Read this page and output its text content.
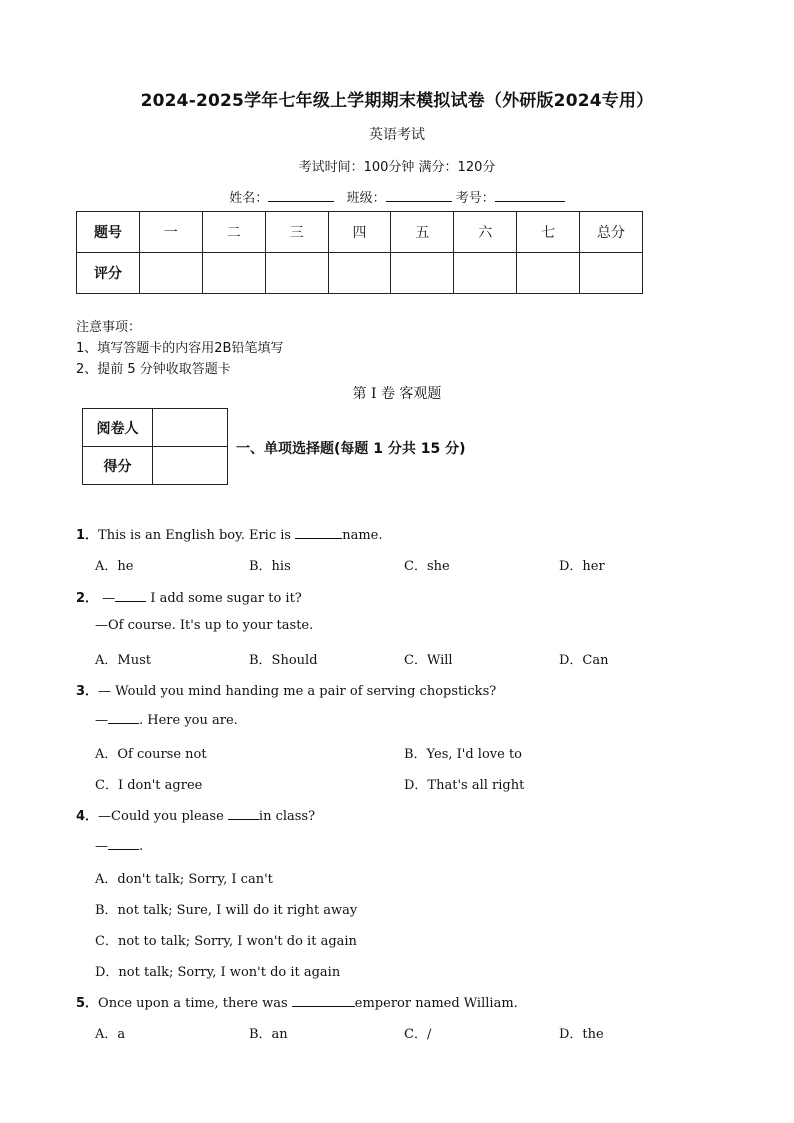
2024-2025学年七年级上学期期末模拟试卷（外研版2024专用）
英语考试
考试时间：100分钟 满分：120分
姓名：	班级：	考号：
题号	一	二	三	四	五	六	七	总分
评分								
注意事项：
1、填写答题卡的内容用2B铅笔填写
2、提前 5 分钟收取答题卡
第 I 卷 客观题
阅卷人	
得分	
一、单项选择题(每题 1 分共 15 分)
1．This is an English boy. Eric is	name.
A．he	B．his	C．she	D．her
2． — I add some sugar to it?
—Of course. It's up to your taste.
A．Must	B．Should	C．Will	D．Can
3．— Would you mind handing me a pair of serving chopsticks?
— . Here you are.
A．Of course not	B．Yes, I'd love to
C．I don't agree	D．That's all right
4．—Could you please in class?
— .
A．don't talk; Sorry, I can't
B．not talk; Sure, I will do it right away
C．not to talk; Sorry, I won't do it again
D．not talk; Sorry, I won't do it again
5．Once upon a time, there was	emperor named William.
A．a	B．an	C．/	D．the
